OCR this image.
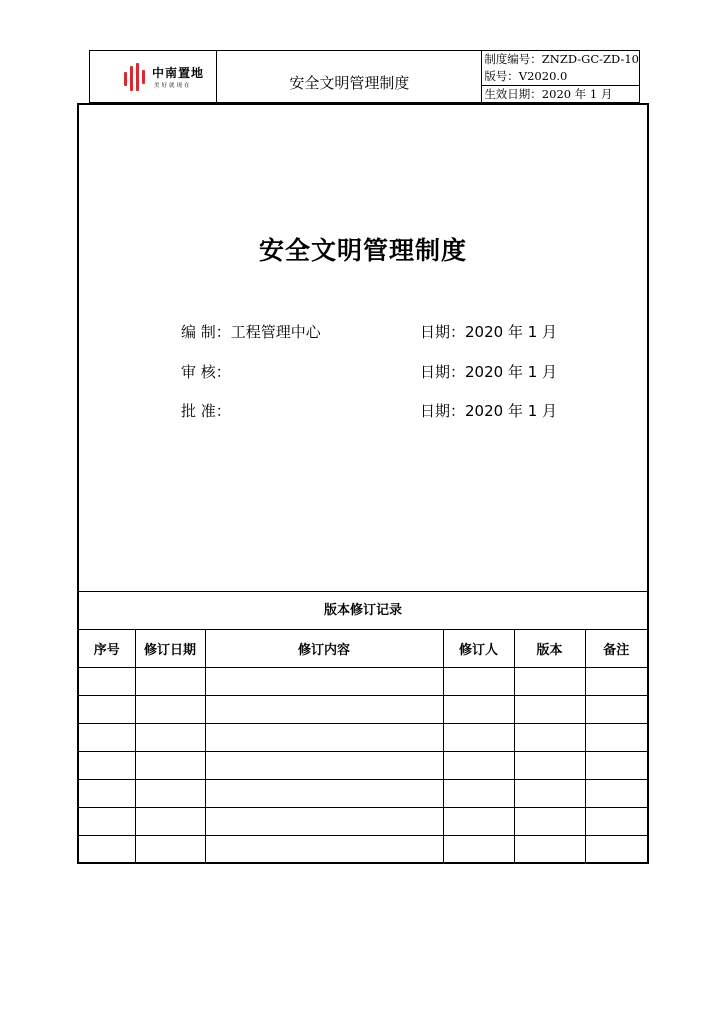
中南置地
美好就现在	安全文明管理制度
制度编号：ZNZD-GC-ZD-10
版号：V2020.0
生效日期：2020 年 1 月
安全文明管理制度
编 制：工程管理中心	日期：2020 年 1 月
审 核：	日期：2020 年 1 月
批 准：	日期：2020 年 1 月
版本修订记录
序号	修订日期	修订内容	修订人	版本	备注
